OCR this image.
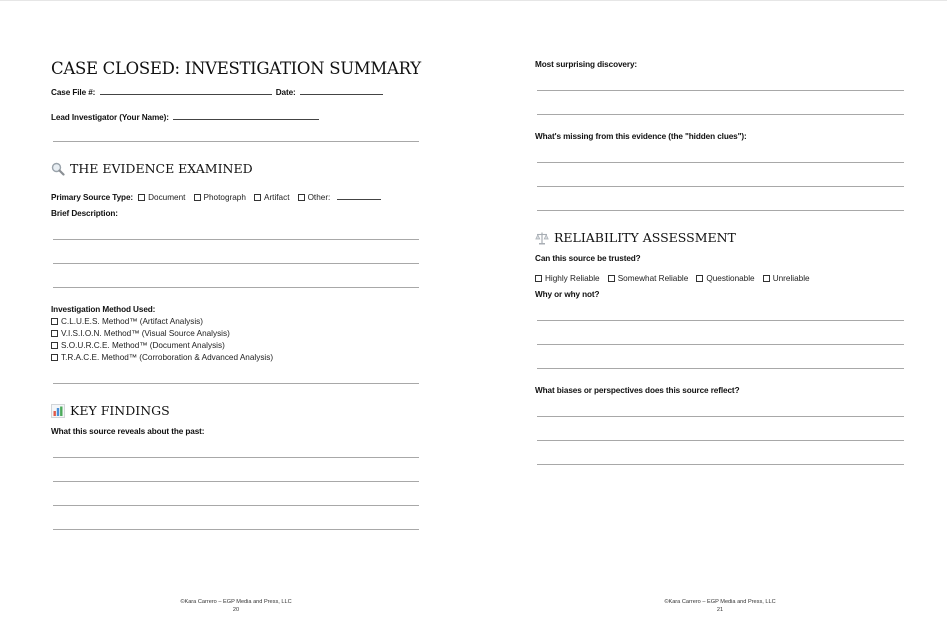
CASE CLOSED: INVESTIGATION SUMMARY
Case File #:	Date:
Lead Investigator (Your Name):
THE EVIDENCE EXAMINED
Primary Source Type: Document Photograph Artifact Other:
Brief Description:
Investigation Method Used:
C.L.U.E.S. Method™ (Artifact Analysis)
V.I.S.I.O.N. Method™ (Visual Source Analysis)
S.O.U.R.C.E. Method™ (Document Analysis)
T.R.A.C.E. Method™ (Corroboration & Advanced Analysis)
KEY FINDINGS
What this source reveals about the past:
©Kara Carrero – EGP Media and Press, LLC
20
Most surprising discovery:
What's missing from this evidence (the "hidden clues"):
RELIABILITY ASSESSMENT
Can this source be trusted?
Highly Reliable Somewhat Reliable Questionable Unreliable
Why or why not?
What biases or perspectives does this source reflect?
©Kara Carrero – EGP Media and Press, LLC
21
